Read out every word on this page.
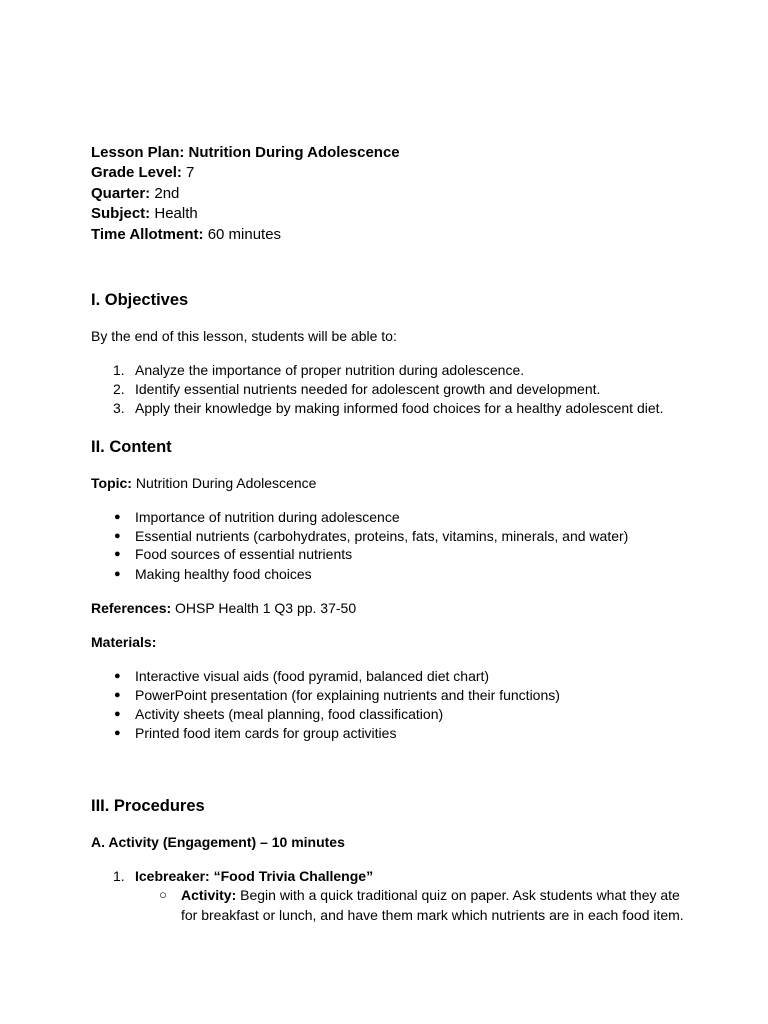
Lesson Plan: Nutrition During Adolescence
Grade Level: 7
Quarter: 2nd
Subject: Health
Time Allotment: 60 minutes
I. Objectives
By the end of this lesson, students will be able to:
1. Analyze the importance of proper nutrition during adolescence.
2. Identify essential nutrients needed for adolescent growth and development.
3. Apply their knowledge by making informed food choices for a healthy adolescent diet.
II. Content
Topic: Nutrition During Adolescence
● Importance of nutrition during adolescence
● Essential nutrients (carbohydrates, proteins, fats, vitamins, minerals, and water)
● Food sources of essential nutrients
● Making healthy food choices
References: OHSP Health 1 Q3 pp. 37-50
Materials:
● Interactive visual aids (food pyramid, balanced diet chart)
● PowerPoint presentation (for explaining nutrients and their functions)
● Activity sheets (meal planning, food classification)
● Printed food item cards for group activities
III. Procedures
A. Activity (Engagement) – 10 minutes
1. Icebreaker: “Food Trivia Challenge”
○ Activity: Begin with a quick traditional quiz on paper. Ask students what they ate for breakfast or lunch, and have them mark which nutrients are in each food item.
